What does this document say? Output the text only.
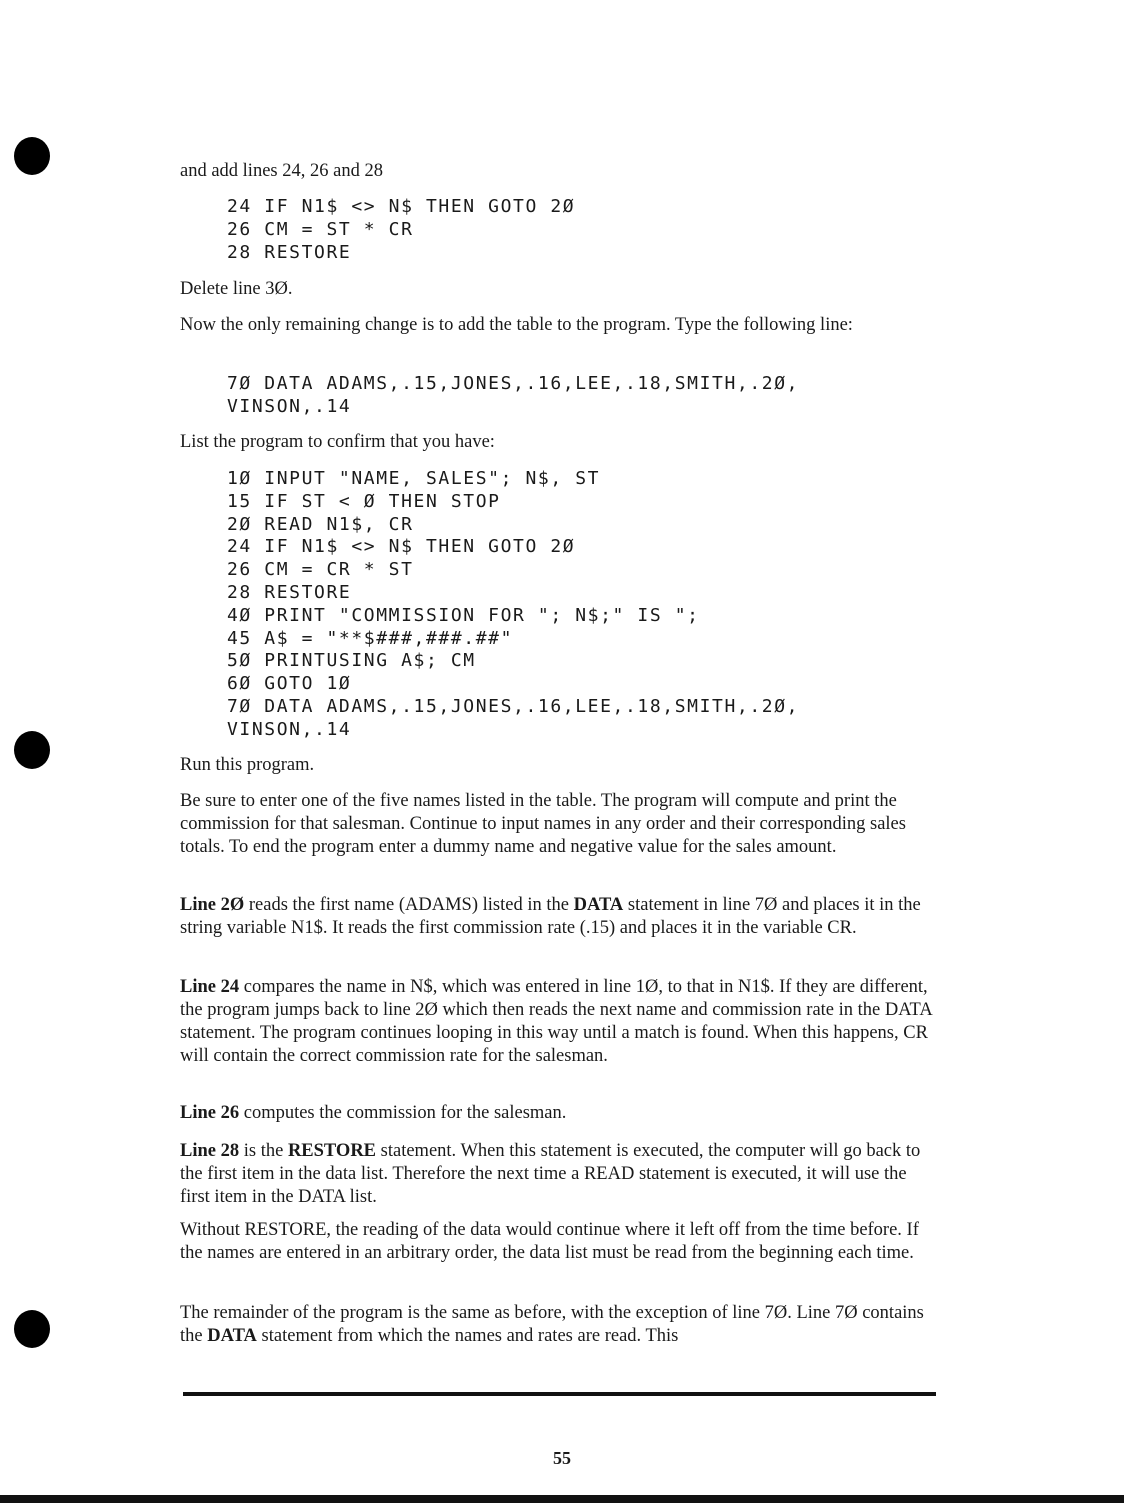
and add lines 24, 26 and 28

24 IF N1$ <> N$ THEN GOTO 2Ø
26 CM = ST * CR
28 RESTORE

Delete line 3Ø.

Now the only remaining change is to add the table to the program. Type the following line:

7Ø DATA ADAMS,.15,JONES,.16,LEE,.18,SMITH,.2Ø,
VINSON,.14

List the program to confirm that you have:

1Ø INPUT "NAME, SALES"; N$, ST
15 IF ST < Ø THEN STOP
2Ø READ N1$, CR
24 IF N1$ <> N$ THEN GOTO 2Ø
26 CM = CR * ST
28 RESTORE
4Ø PRINT "COMMISSION FOR "; N$;" IS ";
45 A$ = "**$###,###.##"
5Ø PRINTUSING A$; CM
6Ø GOTO 1Ø
7Ø DATA ADAMS,.15,JONES,.16,LEE,.18,SMITH,.2Ø,
VINSON,.14

Run this program.

Be sure to enter one of the five names listed in the table. The program will compute and print the commission for that salesman. Continue to input names in any order and their corresponding sales totals. To end the program enter a dummy name and negative value for the sales amount.

Line 2Ø reads the first name (ADAMS) listed in the DATA statement in line 7Ø and places it in the string variable N1$. It reads the first commission rate (.15) and places it in the variable CR.

Line 24 compares the name in N$, which was entered in line 1Ø, to that in N1$. If they are different, the program jumps back to line 2Ø which then reads the next name and commission rate in the DATA statement. The program continues looping in this way until a match is found. When this happens, CR will contain the correct commission rate for the salesman.

Line 26 computes the commission for the salesman.

Line 28 is the RESTORE statement. When this statement is executed, the computer will go back to the first item in the data list. Therefore the next time a READ statement is executed, it will use the first item in the DATA list.

Without RESTORE, the reading of the data would continue where it left off from the time before. If the names are entered in an arbitrary order, the data list must be read from the beginning each time.

The remainder of the program is the same as before, with the exception of line 7Ø. Line 7Ø contains the DATA statement from which the names and rates are read. This

55
